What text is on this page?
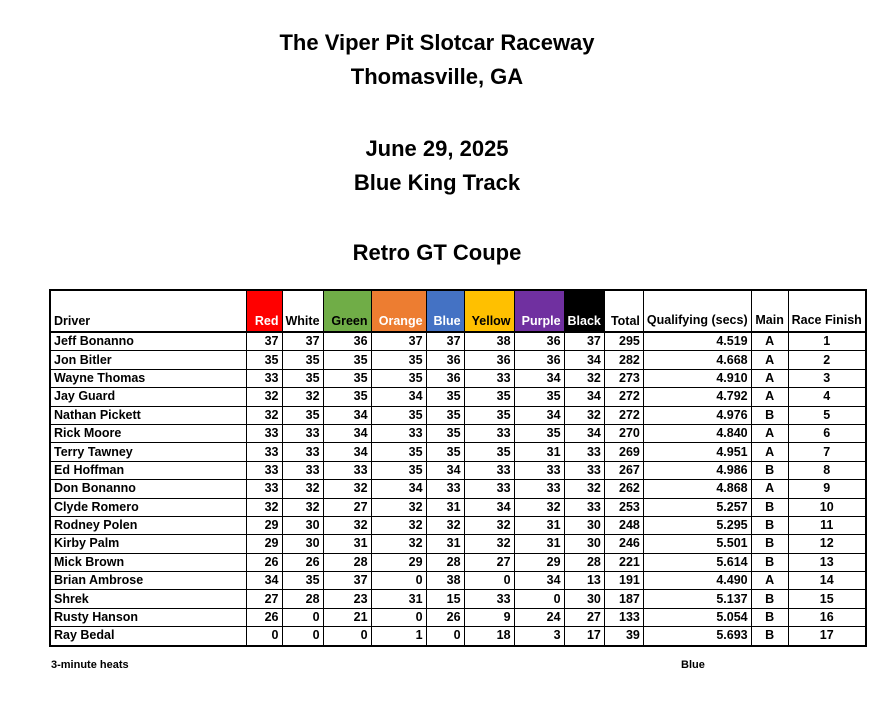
The Viper Pit Slotcar Raceway
Thomasville, GA
June 29, 2025
Blue King Track
Retro GT Coupe
Driver	Red	White	Green	Orange	Blue	Yellow	Purple	Black	Total	Qualifying (secs)	Main	Race Finish
Jeff Bonanno	37	37	36	37	37	38	36	37	295	4.519	A	1
Jon Bitler	35	35	35	35	36	36	36	34	282	4.668	A	2
Wayne Thomas	33	35	35	35	36	33	34	32	273	4.910	A	3
Jay Guard	32	32	35	34	35	35	35	34	272	4.792	A	4
Nathan Pickett	32	35	34	35	35	35	34	32	272	4.976	B	5
Rick Moore	33	33	34	33	35	33	35	34	270	4.840	A	6
Terry Tawney	33	33	34	35	35	35	31	33	269	4.951	A	7
Ed Hoffman	33	33	33	35	34	33	33	33	267	4.986	B	8
Don Bonanno	33	32	32	34	33	33	33	32	262	4.868	A	9
Clyde Romero	32	32	27	32	31	34	32	33	253	5.257	B	10
Rodney Polen	29	30	32	32	32	32	31	30	248	5.295	B	11
Kirby Palm	29	30	31	32	31	32	31	30	246	5.501	B	12
Mick Brown	26	26	28	29	28	27	29	28	221	5.614	B	13
Brian Ambrose	34	35	37	0	38	0	34	13	191	4.490	A	14
Shrek	27	28	23	31	15	33	0	30	187	5.137	B	15
Rusty Hanson	26	0	21	0	26	9	24	27	133	5.054	B	16
Ray Bedal	0	0	0	1	0	18	3	17	39	5.693	B	17
3-minute heats	Blue
